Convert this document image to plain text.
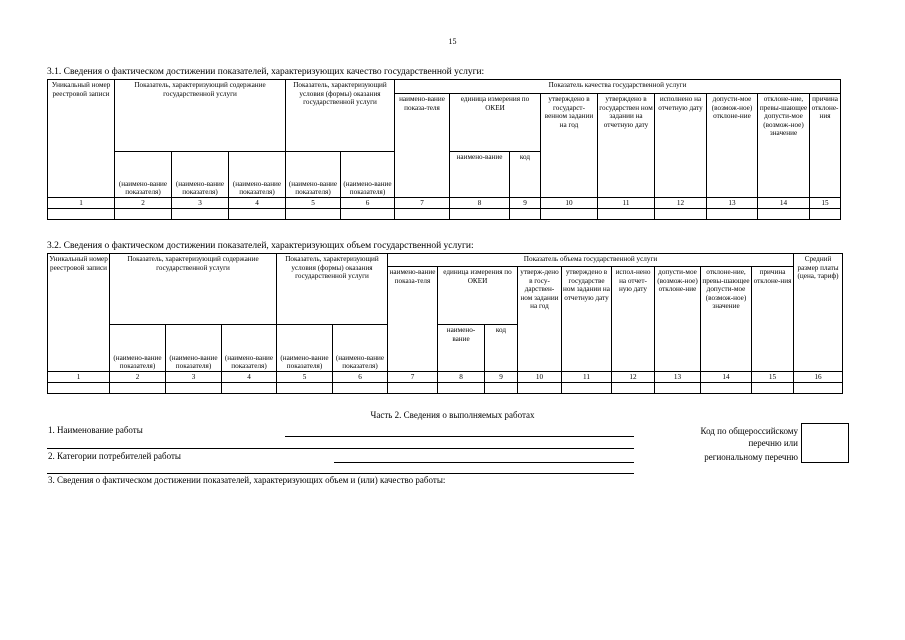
15
3.1. Сведения о фактическом достижении показателей, характеризующих качество государственной услуги:
Уникальный номер реестровой записи	Показатель, характеризующий содержание государственной услуги			Показатель, характеризующий условия (формы) оказания государственной услуги		Показатель качества государственной услуги								
						наимено-вание показа-теля	единица измерения по ОКЕИ		утверждено в государст-венном задании на год	утверждено в государствен ном задании на отчетную дату	исполнено на отчетную дату	допусти-мое (возмож-ное) отклоне-ние	отклоне-ние, превы-шающее допусти-мое (возмож-ное) значение	причина отклоне-ния
	(наимено-вание показателя)	(наимено-вание показателя)	(наимено-вание показателя)	(наимено-вание показателя)	(наимено-вание показателя)		наимено-вание	код						

1	2	3	4	5	6	7	8	9	10	11	12	13	14	15

3.2. Сведения о фактическом достижении показателей, характеризующих объем государственной услуги:
Уникальный номер реестровой записи	Показатель, характеризующий содержание государственной услуги			Показатель, характеризующий условия (формы) оказания государственной услуги		Показатель объема государственной услуги									Средний размер платы (цена, тариф)
						наимено-вание показа-теля	единица измерения по ОКЕИ		утверж-дено в госу-дарствен-ном задании на год	утверждено в государстве ном задании на отчетную дату	испол-нено на отчет-ную дату	допусти-мое (возмож-ное) отклоне-ние	отклоне-ние, превы-шающее допусти-мое (возмож-ное) значение	причина отклоне-ния	
	(наимено-вание показателя)	(наимено-вание показателя)	(наимено-вание показателя)	(наимено-вание показателя)	(наимено-вание показателя)		наимено-вание	код							

1	2	3	4	5	6	7	8	9	10	11	12	13	14	15	16

Часть 2. Сведения о выполняемых работах
1. Наименование работы
2. Категории потребителей работы
3. Сведения о фактическом достижении показателей, характеризующих объем и (или) качество работы:
Код по общероссийскому
перечню или
региональному перечню
